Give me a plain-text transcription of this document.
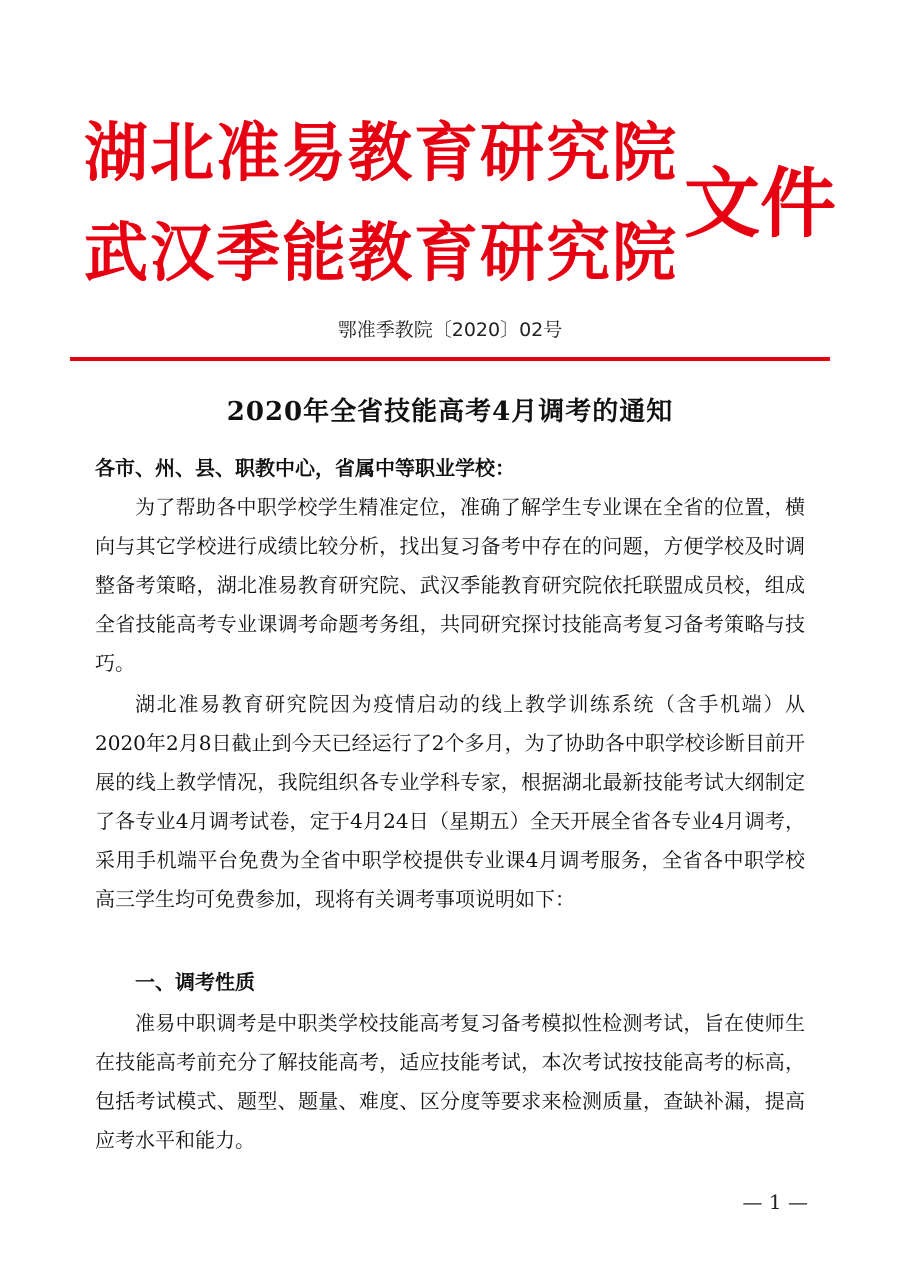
湖北准易教育研究院
武汉季能教育研究院
文件
鄂准季教院〔2020〕02号
2020年全省技能高考4月调考的通知
各市、州、县、职教中心，省属中等职业学校：
为了帮助各中职学校学生精准定位，准确了解学生专业课在全省的位置，横向与其它学校进行成绩比较分析，找出复习备考中存在的问题，方便学校及时调整备考策略，湖北准易教育研究院、武汉季能教育研究院依托联盟成员校，组成全省技能高考专业课调考命题考务组，共同研究探讨技能高考复习备考策略与技巧。
湖北准易教育研究院因为疫情启动的线上教学训练系统（含手机端）从2020年2月8日截止到今天已经运行了2个多月，为了协助各中职学校诊断目前开展的线上教学情况，我院组织各专业学科专家，根据湖北最新技能考试大纲制定了各专业4月调考试卷，定于4月24日（星期五）全天开展全省各专业4月调考，采用手机端平台免费为全省中职学校提供专业课4月调考服务，全省各中职学校高三学生均可免费参加，现将有关调考事项说明如下：
一、调考性质
准易中职调考是中职类学校技能高考复习备考模拟性检测考试，旨在使师生在技能高考前充分了解技能高考，适应技能考试，本次考试按技能高考的标高，包括考试模式、题型、题量、难度、区分度等要求来检测质量，查缺补漏，提高应考水平和能力。
— 1 —
